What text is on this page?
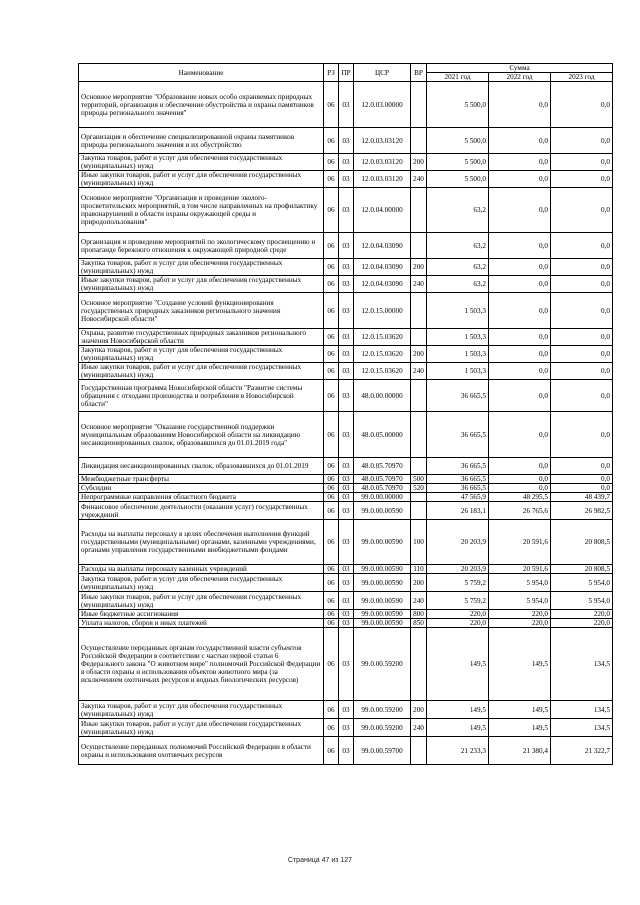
Наименование	РЗ	ПР	ЦСР	ВР	Сумма		
					2021 год	2022 год	2023 год
Основное мероприятие "Образование новых особо охраняемых природных территорий, организация и обеспечение обустройства и охраны памятников природы регионального значения"	06	03	12.0.03.00000		5 500,0	0,0	0,0
Организация и обеспечение специализированной охраны памятников природы регионального значения и их обустройство	06	03	12.0.03.03120		5 500,0	0,0	0,0
Закупка товаров, работ и услуг для обеспечения государственных (муниципальных) нужд	06	03	12.0.03.03120	200	5 500,0	0,0	0,0
Иные закупки товаров, работ и услуг для обеспечения государственных (муниципальных) нужд	06	03	12.0.03.03120	240	5 500,0	0,0	0,0
Основное мероприятие "Организация и проведение эколого-просветительских мероприятий, в том числе направленных на профилактику правонарушений в области охраны окружающей среды и природопользования"	06	03	12.0.04.00000		63,2	0,0	0,0
Организация и проведение мероприятий по экологическому просвещению и пропаганде бережного отношения к окружающей природной среде	06	03	12.0.04.03090		63,2	0,0	0,0
Закупка товаров, работ и услуг для обеспечения государственных (муниципальных) нужд	06	03	12.0.04.03090	200	63,2	0,0	0,0
Иные закупки товаров, работ и услуг для обеспечения государственных (муниципальных) нужд	06	03	12.0.04.03090	240	63,2	0,0	0,0
Основное мероприятие "Создание условий функционирования государственных природных заказников регионального значения Новосибирской области"	06	03	12.0.15.00000		1 503,3	0,0	0,0
Охрана, развитие государственных природных заказников регионального значения Новосибирской области	06	03	12.0.15.03620		1 503,3	0,0	0,0
Закупка товаров, работ и услуг для обеспечения государственных (муниципальных) нужд	06	03	12.0.15.03620	200	1 503,3	0,0	0,0
Иные закупки товаров, работ и услуг для обеспечения государственных (муниципальных) нужд	06	03	12.0.15.03620	240	1 503,3	0,0	0,0
Государственная программа Новосибирской области "Развитие системы обращения с отходами производства и потребления в Новосибирской области"	06	03	48.0.00.00000		36 665,5	0,0	0,0
Основное мероприятие "Оказание государственной поддержки муниципальным образованиям Новосибирской области на ликвидацию несанкционированных свалок, образовавшихся до 01.01.2019 года"	06	03	48.0.05.00000		36 665,5	0,0	0,0
Ликвидация несанкционированных свалок, образовавшихся до 01.01.2019	06	03	48.0.05.70970		36 665,5	0,0	0,0
Межбюджетные трансферты	06	03	48.0.05.70970	500	36 665,5	0,0	0,0
Субсидии	06	03	48.0.05.70970	520	36 665,5	0,0	0,0
Непрограммные направления областного бюджета	06	03	99.0.00.00000		47 565,9	48 295,5	48 439,7
Финансовое обеспечение деятельности (оказания услуг) государственных учреждений	06	03	99.0.00.00590		26 183,1	26 765,6	26 982,5
Расходы на выплаты персоналу в целях обеспечения выполнения функций государственными (муниципальными) органами, казенными учреждениями, органами управления государственными внебюджетными фондами	06	03	99.0.00.00590	100	20 203,9	20 591,6	20 808,5
Расходы на выплаты персоналу казенных учреждений	06	03	99.0.00.00590	110	20 203,9	20 591,6	20 808,5
Закупка товаров, работ и услуг для обеспечения государственных (муниципальных) нужд	06	03	99.0.00.00590	200	5 759,2	5 954,0	5 954,0
Иные закупки товаров, работ и услуг для обеспечения государственных (муниципальных) нужд	06	03	99.0.00.00590	240	5 759,2	5 954,0	5 954,0
Иные бюджетные ассигнования	06	03	99.0.00.00590	800	220,0	220,0	220,0
Уплата налогов, сборов и иных платежей	06	03	99.0.00.00590	850	220,0	220,0	220,0
Осуществление переданных органам государственной власти субъектов Российской Федерации в соответствии с частью первой статьи 6 Федерального закона "О животном мире" полномочий Российской Федерации в области охраны и использования объектов животного мира (за исключением охотничьих ресурсов и водных биологических ресурсов)	06	03	99.0.00.59200		149,5	149,5	134,5
Закупка товаров, работ и услуг для обеспечения государственных (муниципальных) нужд	06	03	99.0.00.59200	200	149,5	149,5	134,5
Иные закупки товаров, работ и услуг для обеспечения государственных (муниципальных) нужд	06	03	99.0.00.59200	240	149,5	149,5	134,5
Осуществление переданных полномочий Российской Федерации в области охраны и использования охотничьих ресурсов	06	03	99.0.00.59700		21 233,3	21 380,4	21 322,7
Страница 47 из 127
